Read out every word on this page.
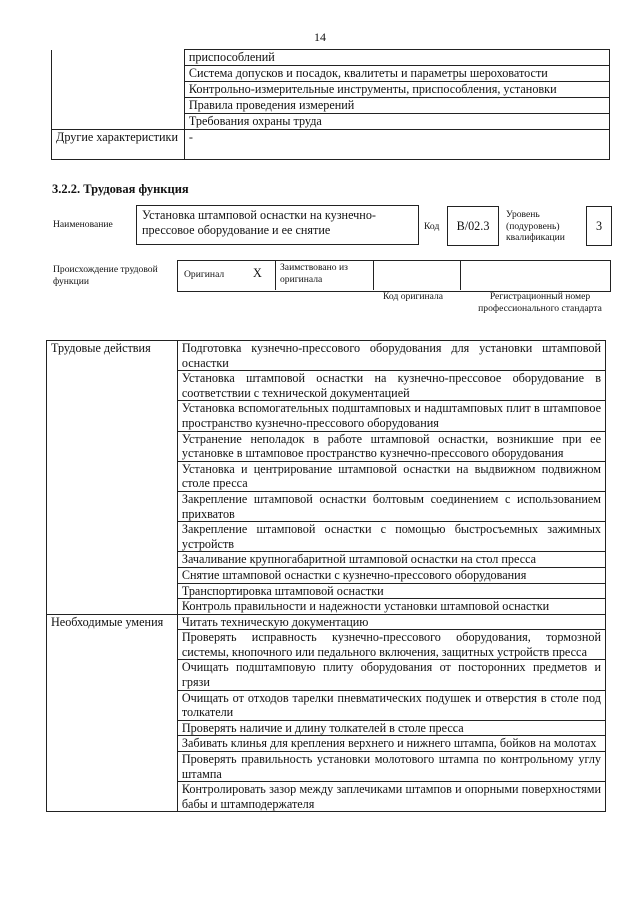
14
	приспособлений
	Система допусков и посадок, квалитеты и параметры шероховатости
	Контрольно-измерительные инструменты, приспособления, установки
	Правила проведения измерений
	Требования охраны труда
Другие характеристики	-
3.2.2. Трудовая функция
Наименование
Установка штамповой оснастки на кузнечно-прессовое оборудование и ее снятие	Код	В/02.3
Уровень (подуровень) квалификации
3
Происхождение трудовой функции
Оригинал X Заимствовано из оригинала
Код оригинала	Регистрационный номер профессионального стандарта
Трудовые действия	Подготовка кузнечно-прессового оборудования для установки штамповой оснастки
	Установка штамповой оснастки на кузнечно-прессовое оборудование в соответствии с технической документацией
	Установка вспомогательных подштамповых и надштамповых плит в штамповое пространство кузнечно-прессового оборудования
	Устранение неполадок в работе штамповой оснастки, возникшие при ее установке в штамповое пространство кузнечно-прессового оборудования
	Установка и центрирование штамповой оснастки на выдвижном подвижном столе пресса
	Закрепление штамповой оснастки болтовым соединением с использованием прихватов
	Закрепление штамповой оснастки с помощью быстросъемных зажимных устройств
	Зачаливание крупногабаритной штамповой оснастки на стол пресса
	Снятие штамповой оснастки с кузнечно-прессового оборудования
	Транспортировка штамповой оснастки
	Контроль правильности и надежности установки штамповой оснастки
Необходимые умения	Читать техническую документацию
	Проверять исправность кузнечно-прессового оборудования, тормозной системы, кнопочного или педального включения, защитных устройств пресса
	Очищать подштамповую плиту оборудования от посторонних предметов и грязи
	Очищать от отходов тарелки пневматических подушек и отверстия в столе под толкатели
	Проверять наличие и длину толкателей в столе пресса
	Забивать клинья для крепления верхнего и нижнего штампа, бойков на молотах
	Проверять правильность установки молотового штампа по контрольному углу штампа
	Контролировать зазор между заплечиками штампов и опорными поверхностями бабы и штамподержателя
